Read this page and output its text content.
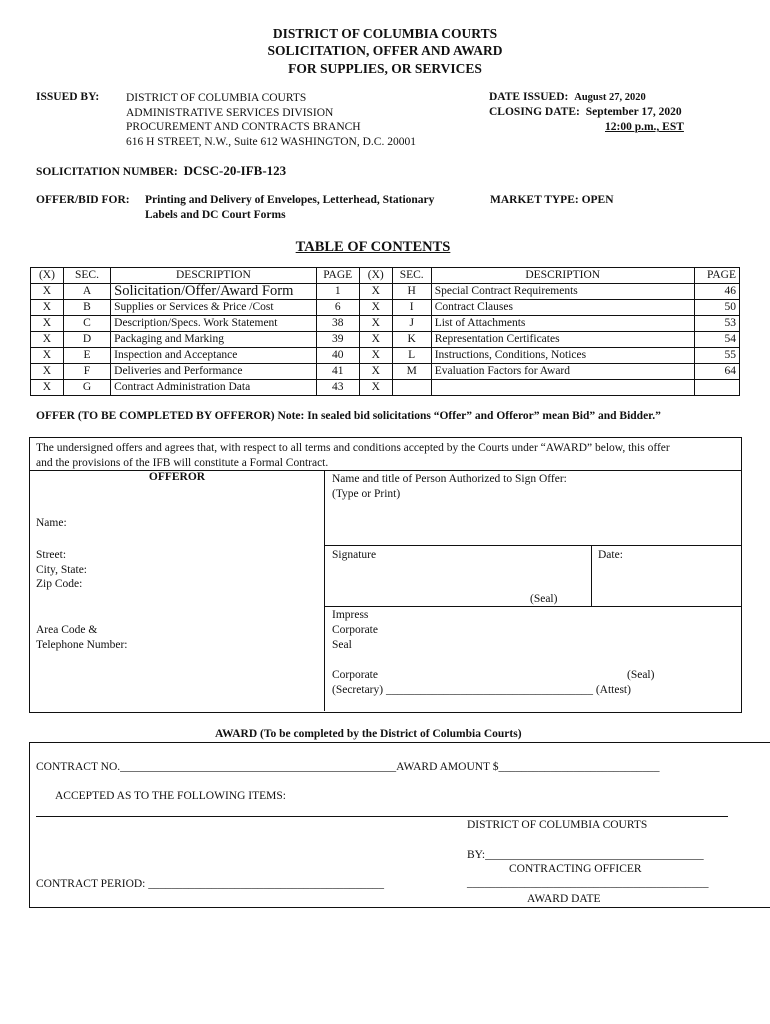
DISTRICT OF COLUMBIA COURTS
SOLICITATION, OFFER AND AWARD
FOR SUPPLIES, OR SERVICES
ISSUED BY: DISTRICT OF COLUMBIA COURTS
ADMINISTRATIVE SERVICES DIVISION
PROCUREMENT AND CONTRACTS BRANCH
616 H STREET, N.W., Suite 612 WASHINGTON, D.C. 20001
DATE ISSUED: August 27, 2020
CLOSING DATE: September 17, 2020
12:00 p.m., EST
SOLICITATION NUMBER: DCSC-20-IFB-123
OFFER/BID FOR: Printing and Delivery of Envelopes, Letterhead, Stationary
Labels and DC Court Forms
MARKET TYPE: OPEN
TABLE OF CONTENTS
(X)	SEC.	DESCRIPTION	PAGE	(X)	SEC.	DESCRIPTION	PAGE
X	A	Solicitation/Offer/Award Form	1	X	H	Special Contract Requirements	46
X	B	Supplies or Services & Price /Cost	6	X	I	Contract Clauses	50
X	C	Description/Specs. Work Statement	38	X	J	List of Attachments	53
X	D	Packaging and Marking	39	X	K	Representation Certificates	54
X	E	Inspection and Acceptance	40	X	L	Instructions, Conditions, Notices	55
X	F	Deliveries and Performance	41	X	M	Evaluation Factors for Award	64
X	G	Contract Administration Data	43	X			
OFFER (TO BE COMPLETED BY OFFEROR) Note: In sealed bid solicitations “Offer” and Offeror” mean Bid” and Bidder.”
The undersigned offers and agrees that, with respect to all terms and conditions accepted by the Courts under “AWARD” below, this offer
and the provisions of the IFB will constitute a Formal Contract.
OFFEROR
Name:
Street:
City, State:
Zip Code:
Area Code &
Telephone Number:
Name and title of Person Authorized to Sign Offer:
(Type or Print)
Signature	Date:
(Seal)
Impress
Corporate
Seal
Corporate	(Seal)
(Secretary) ____________________________________ (Attest)
AWARD (To be completed by the District of Columbia Courts)
CONTRACT NO.________________________________________________AWARD AMOUNT $____________________________
ACCEPTED AS TO THE FOLLOWING ITEMS:
DISTRICT OF COLUMBIA COURTS
BY:______________________________________
CONTRACTING OFFICER
CONTRACT PERIOD: _________________________________________	__________________________________________
AWARD DATE
